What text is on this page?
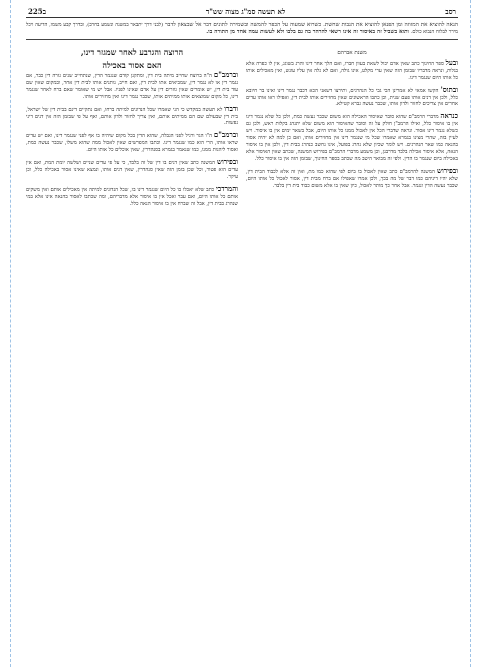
רסב
לא תעשה סמ"ג מצוה שש"ד
ב225
הנאה להוציא את המזוזה ומן הפנאן להוציא את הנבות שחשת. כשרוא שמעוה על הכפר להמשה ובשמירה לתונים דבר אל שבצאון לדבר (לבני דרך יתבאר במשנה ונשמע בחרב), ובדרך קבע משמו, הדיעה ויכל מירר לבלוח הנבוא כולם. ותוא בשביל זה באיסור זה אינו רשאי להרהר בה גם בלבו ולא לעשות עמה אחד מן התורה בו.
משנת אברהם

ובעל ספר החינוך כתב שאין אדם יכול לשאת בעוון חברו, ואם הלך אחר דינו והרג בשוגג, אין לו כפרה אלא בגלות, ונראה מדבריו שבזמן הזה שאין ערי מקלט, אינו גולה, ואם לא גלה אין עליו עונש, ואין מאכילים אותו כל אותו היום שנגמר דינו.

ובתוס' הקשו אמאי לא אמרינן הכי גבי כל הנהרגים, ותירצו דשאני הכא דכבר נגמר דינו ואינו בר חיובא כלל, ולכן אין דנים אותו פעם שנית, וכן כתבו הראשונים שאין מחזירים אותו לבית דין, ואפילו ראו אותו עדים אחרים אין צריכים לחזור ולדון אותו, שכבר נעשה גברא קטילא.

כנראה מדברי הרמב"ם שהוא סובר שאיסור האכילה הוא משום שכבר נעשה כמת, ולכן כל שלא נגמר דינו אין בו איסור כלל, ואילו הרמב"ן חולק על זה וסובר שהאיסור הוא משום שלא יתנהג בקלות ראש, ולכן גם כשלא נגמר דינו אסור. ונראה שדברי הכל אין לאכול ממנו כל אותו היום, אבל בשאר ימים אין בו איסור. ויש לעיין בזה, שהרי מצינו בגמרא שאמרו שכל מי שנגמר דינו אין מחזירים אותו, ואם כן למה לא יהיה אסור בהנאה כמו שאר הנהרגים. ויש לומר שכיון שלא נהרג בפועל, אינו נחשב כנהרג בבית דין, ולכן אין בו איסור הנאה, אלא איסור אכילה בלבד מדרבנן, וכן משמע מדברי הרמב"ם בפירוש המשנה, שכתב שאין האיסור אלא באכילה ביום שנגמר בו הדין. ולפי זה מבואר היטב מה שכתב בספר החינוך, שבזמן הזה אין בו איסור כלל.

ובפירוש המשנה להרמב"ם כתב שאין לאכול בו ביום לפי שהוא כמו מת, ואין זה אלא לכבוד הבית דין, שלא יהיו דיניהם כמו דבר של מה בכך, ולכן אמרו שאפילו אם ברח מבית דין, אסור לאכול כל אותו היום, שכבר נעשה הדין ונגמר. אבל אחר כך מותר לאכול, כיון שאין בו אלא משום כבוד בית דין בלבד.

הרוצה והגרבע לאחר שמגזר דינו,
האם אסור באכילה

וברמב"ם ה"ה ברוצח שחייב מיתה בית דין, ומתקנן קודם שנגמר הדין, שנתחייב שנים גזרה דין כבר, אם נגמר דין או לא נגמר דין, שמביאים אתו לבית דין, ואם חייב, נותנים אותו לבית דין אחר, ובמקום שאין שם עוד בית דין, יש אומרים שאין גוזרים דין על אדם שאינו לפניו. אבל יש מי שאומר שאם ברח לאחר שנגמר דינו, כל מקום שמוצאים אותו ממיתים אותו, שכבר נגמר דינו ואין מחזירים אותו.

ודברו לא תעשה במקדש כי הני שאמרו שכל הנדונים למיתה ברחו, ואם נתקיים דינם בבית דין של ישראל, בית דין שבעולם שם הם ממיתים אותם, ואין צריך לחזור ולדון אותם, ואף על פי שבזמן הזה אין דנים דיני נפשות.

וברמב"ם ה"ו הגר ורגיל לפני הגבלה, שהוא הדין בכל מקום שיהיה בו אף לפני שנגמר דינו, ואם יש עדים שראו אותו, הרי הוא כמו שנגמר דינו. וכתבו המפרשים שאין לאכול ממה שהוא משלו, שכבר נעשה כמת, ואסור ליהנות ממנו, כמו שנאמר בגמרא בסנהדרין, שאין אוכלים כל אותו היום.

ובפירוש המשנה כתב שאין דנים בו דין של זה בלבד, כי על פי עדים שניים ושלשה יומת המת, ואם אין עדים הוא פטור, וכל שכן בזמן הזה שאין סנהדרין, שאין דנים אותו, ונמצא שאינו אסור באכילה כלל, וכן עיקר.

והמרדכי כתב שלא יאכלו בו כל היום שנגמר דינו בו, שכל הנדונים למיתה אין מאכילים אותם ואין משקים אותם כל אותו היום, ואם עבר ואכל אין בו איסור אלא מדבריהם, ומה שכתבו לאסור בהנאה אינו אלא במי שנהרג בבית דין, אבל זה שברח אין בו איסור הנאה כלל.
